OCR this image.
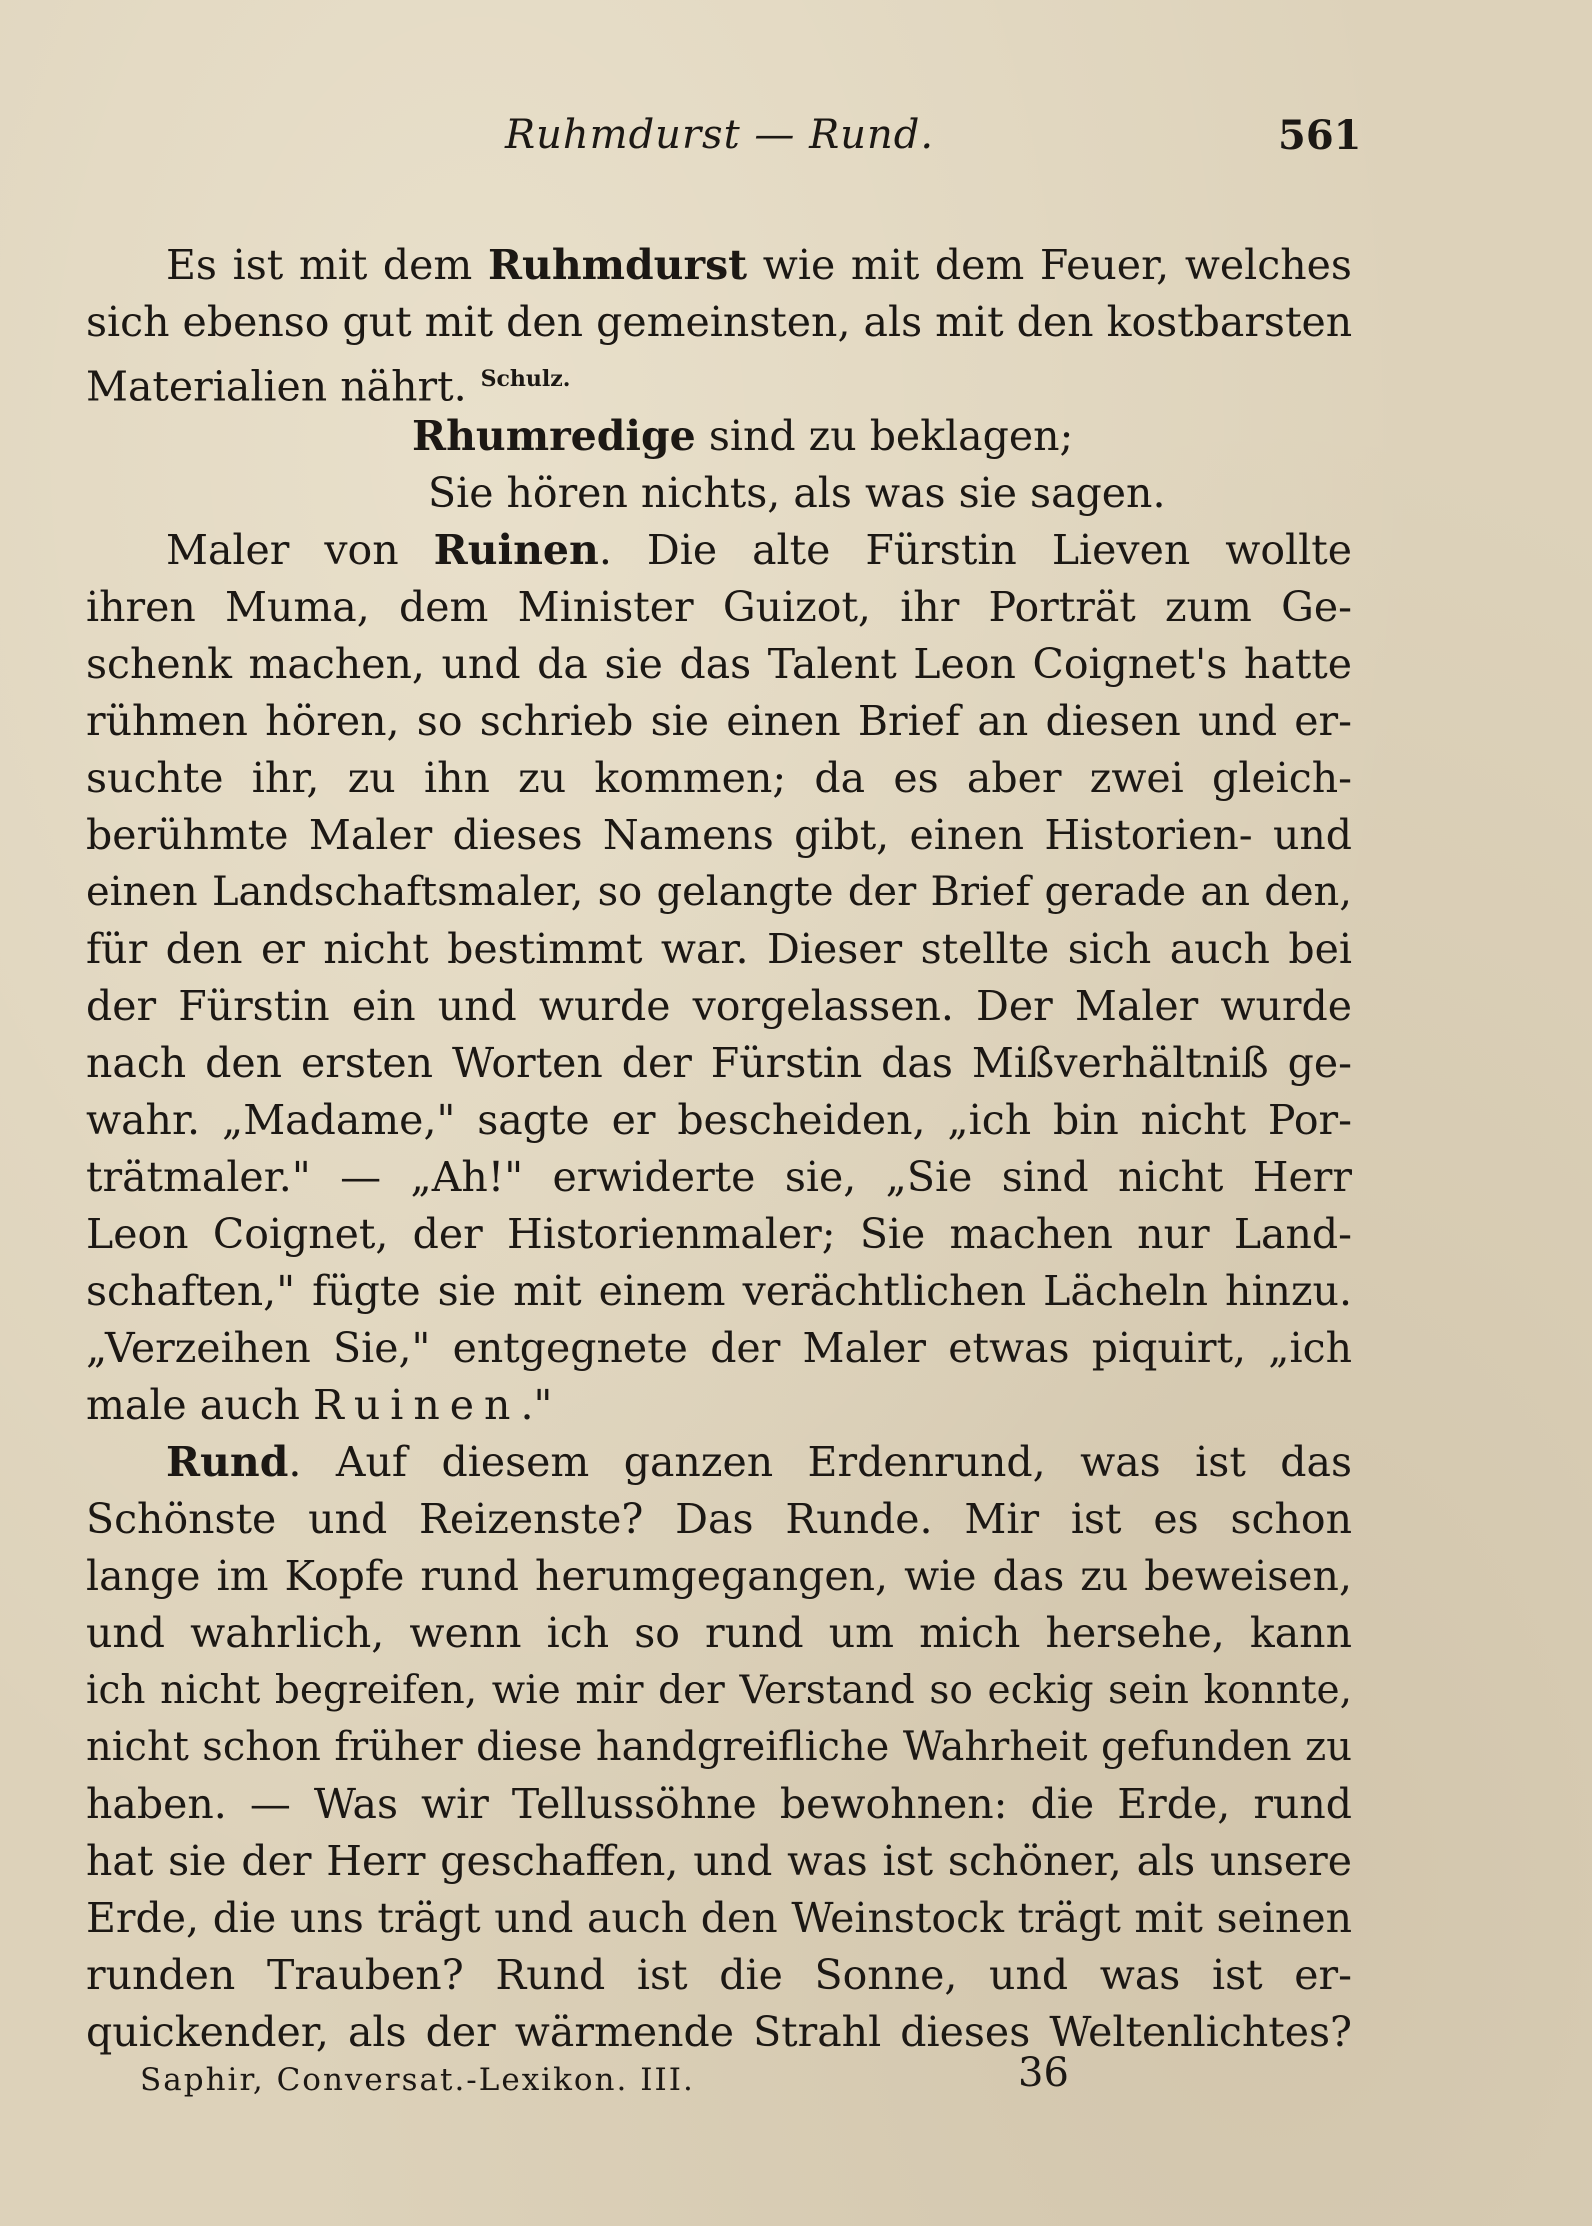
Ruhmdurst — Rund.	561
Es ist mit dem Ruhmdurst wie mit dem Feuer, welches
sich ebenso gut mit den gemeinsten, als mit den kostbarsten
Materialien nährt. $^{Schulz.}$
Rhumredige sind zu beklagen;
Sie hören nichts, als was sie sagen.
Maler von Ruinen. Die alte Fürstin Lieven wollte
ihren Muma, dem Minister Guizot, ihr Porträt zum Ge-
schenk machen, und da sie das Talent Leon Coignet's hatte
rühmen hören, so schrieb sie einen Brief an diesen und er-
suchte ihr, zu ihn zu kommen; da es aber zwei gleich-
berühmte Maler dieses Namens gibt, einen Historien- und
einen Landschaftsmaler, so gelangte der Brief gerade an den,
für den er nicht bestimmt war. Dieser stellte sich auch bei
der Fürstin ein und wurde vorgelassen. Der Maler wurde
nach den ersten Worten der Fürstin das Mißverhältniß ge-
wahr. „Madame," sagte er bescheiden, „ich bin nicht Por-
trätmaler." — „Ah!" erwiderte sie, „Sie sind nicht Herr
Leon Coignet, der Historienmaler; Sie machen nur Land-
schaften," fügte sie mit einem verächtlichen Lächeln hinzu.
„Verzeihen Sie," entgegnete der Maler etwas piquirt, „ich
male auch Ruinen."
Rund. Auf diesem ganzen Erdenrund, was ist das
Schönste und Reizenste? Das Runde. Mir ist es schon
lange im Kopfe rund herumgegangen, wie das zu beweisen,
und wahrlich, wenn ich so rund um mich hersehe, kann
ich nicht begreifen, wie mir der Verstand so eckig sein konnte,
nicht schon früher diese handgreifliche Wahrheit gefunden zu
haben. — Was wir Tellussöhne bewohnen: die Erde, rund
hat sie der Herr geschaffen, und was ist schöner, als unsere
Erde, die uns trägt und auch den Weinstock trägt mit seinen
runden Trauben? Rund ist die Sonne, und was ist er-
quickender, als der wärmende Strahl dieses Weltenlichtes?
Saphir, Conversat.-Lexikon. III.	36
